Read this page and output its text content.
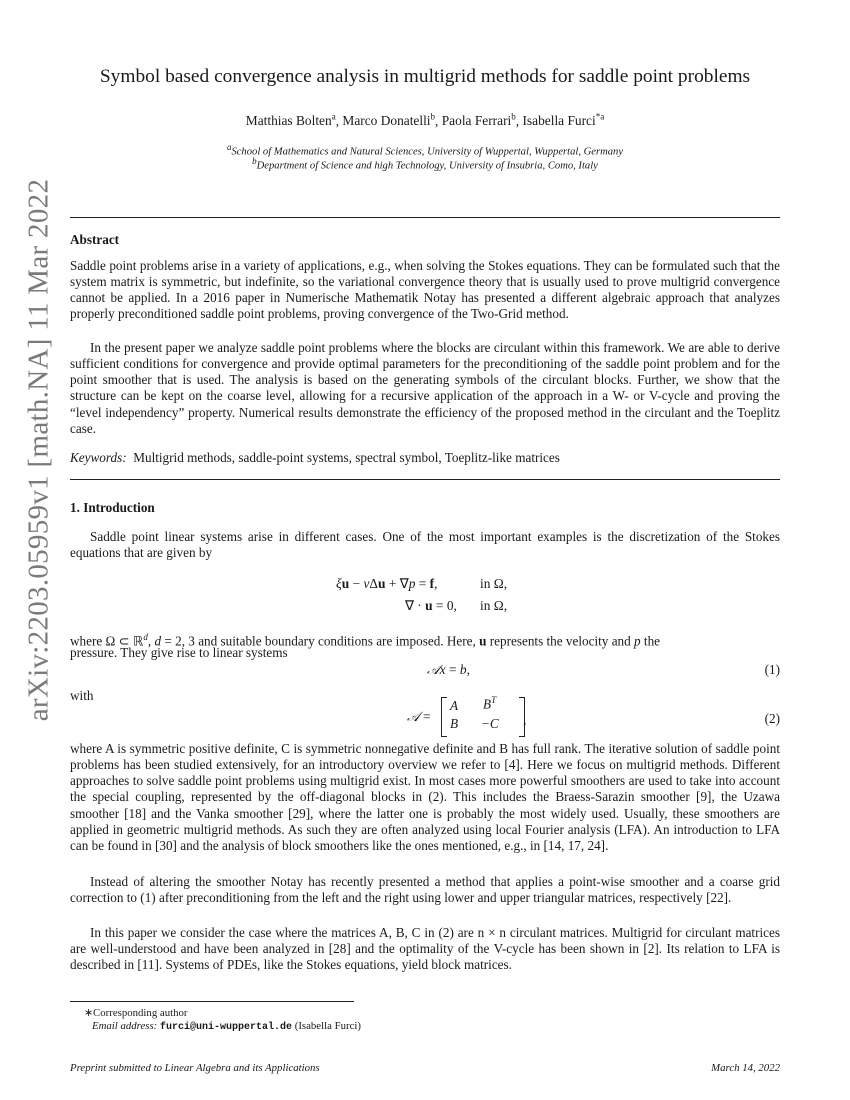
arXiv:2203.05959v1 [math.NA] 11 Mar 2022
Symbol based convergence analysis in multigrid methods for saddle point problems
Matthias Bolten$^a$, Marco Donatelli$^b$, Paola Ferrari$^b$, Isabella Furci$^{*a}$
$^a$School of Mathematics and Natural Sciences, University of Wuppertal, Wuppertal, Germany
$^b$Department of Science and high Technology, University of Insubria, Como, Italy
Abstract

Saddle point problems arise in a variety of applications, e.g., when solving the Stokes equations. They can be formulated such that the system matrix is symmetric, but indefinite, so the variational convergence theory that is usually used to prove multigrid convergence cannot be applied. In a 2016 paper in Numerische Mathematik Notay has presented a different algebraic approach that analyzes properly preconditioned saddle point problems, proving convergence of the Two-Grid method.

In the present paper we analyze saddle point problems where the blocks are circulant within this framework. We are able to derive sufficient conditions for convergence and provide optimal parameters for the preconditioning of the saddle point problem and for the point smoother that is used. The analysis is based on the generating symbols of the circulant blocks. Further, we show that the structure can be kept on the coarse level, allowing for a recursive application of the approach in a W- or V-cycle and proving the “level independency” property. Numerical results demonstrate the efficiency of the proposed method in the circulant and the Toeplitz case.

Keywords: Multigrid methods, saddle-point systems, spectral symbol, Toeplitz-like matrices
1. Introduction

Saddle point linear systems arise in different cases. One of the most important examples is the discretization of the Stokes equations that are given by

ξu − νΔu + ∇p = f,	in Ω,
∇ · u = 0, in Ω,
where Ω ⊂ ℝ$^d$, d = 2, 3 and suitable boundary conditions are imposed. Here, u represents the velocity and p the
pressure. They give rise to linear systems
𝒜x = b,	(1)
with
𝒜 =
A $B^T$
B −C ,	(2)

where A is symmetric positive definite, C is symmetric nonnegative definite and B has full rank. The iterative solution of saddle point problems has been studied extensively, for an introductory overview we refer to [4]. Here we focus on multigrid methods. Different approaches to solve saddle point problems using multigrid exist. In most cases more powerful smoothers are used to take into account the special coupling, represented by the off-diagonal blocks in (2). This includes the Braess-Sarazin smoother [9], the Uzawa smoother [18] and the Vanka smoother [29], where the latter one is probably the most widely used. Usually, these smoothers are applied in geometric multigrid methods. As such they are often analyzed using local Fourier analysis (LFA). An introduction to LFA can be found in [30] and the analysis of block smoothers like the ones mentioned, e.g., in [14, 17, 24].

Instead of altering the smoother Notay has recently presented a method that applies a point-wise smoother and a coarse grid correction to (1) after preconditioning from the left and the right using lower and upper triangular matrices, respectively [22].

In this paper we consider the case where the matrices A, B, C in (2) are n × n circulant matrices. Multigrid for circulant matrices are well-understood and have been analyzed in [28] and the optimality of the V-cycle has been shown in [2]. Its relation to LFA is described in [11]. Systems of PDEs, like the Stokes equations, yield block matrices.

∗Corresponding author
Email address: furci@uni-wuppertal.de (Isabella Furci)
Preprint submitted to Linear Algebra and its Applications	March 14, 2022
